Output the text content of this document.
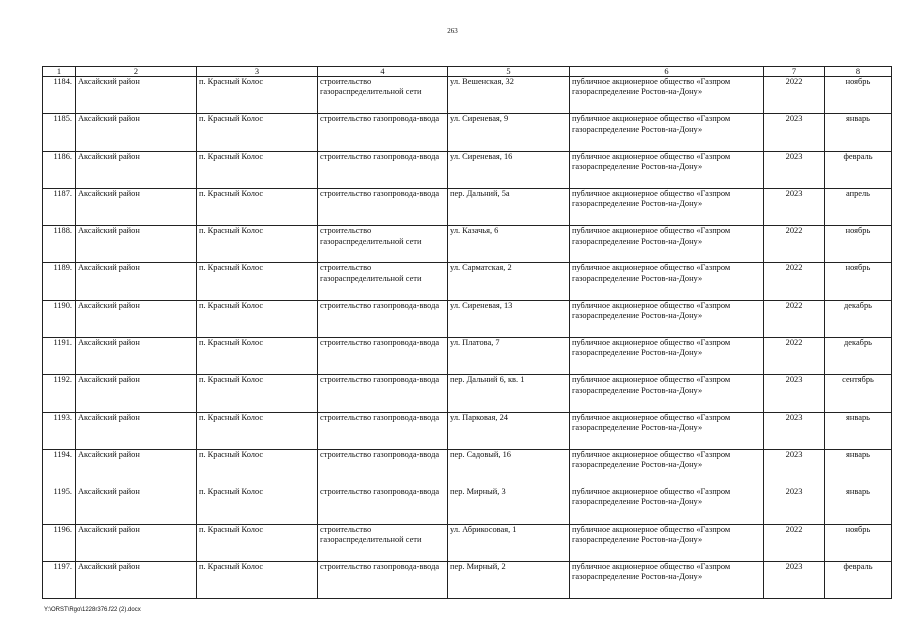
263
1	2	3	4	5	6	7	8
1184.	Аксайский район	п. Красный Колос	строительство газораспределительной сети	ул. Вешенская, 32	публичное акционерное общество «Газпром газораспределение Ростов-на-Дону»	2022	ноябрь
1185.	Аксайский район	п. Красный Колос	строительство газопровода-ввода	ул. Сиреневая, 9	публичное акционерное общество «Газпром газораспределение Ростов-на-Дону»	2023	январь
1186.	Аксайский район	п. Красный Колос	строительство газопровода-ввода	ул. Сиреневая, 16	публичное акционерное общество «Газпром газораспределение Ростов-на-Дону»	2023	февраль
1187.	Аксайский район	п. Красный Колос	строительство газопровода-ввода	пер. Дальний, 5а	публичное акционерное общество «Газпром газораспределение Ростов-на-Дону»	2023	апрель
1188.	Аксайский район	п. Красный Колос	строительство газораспределительной сети	ул. Казачья, 6	публичное акционерное общество «Газпром газораспределение Ростов-на-Дону»	2022	ноябрь
1189.	Аксайский район	п. Красный Колос	строительство газораспределительной сети	ул. Сарматская, 2	публичное акционерное общество «Газпром газораспределение Ростов-на-Дону»	2022	ноябрь
1190.	Аксайский район	п. Красный Колос	строительство газопровода-ввода	ул. Сиреневая, 13	публичное акционерное общество «Газпром газораспределение Ростов-на-Дону»	2022	декабрь
1191.	Аксайский район	п. Красный Колос	строительство газопровода-ввода	ул. Платова, 7	публичное акционерное общество «Газпром газораспределение Ростов-на-Дону»	2022	декабрь
1192.	Аксайский район	п. Красный Колос	строительство газопровода-ввода	пер. Дальний 6, кв. 1	публичное акционерное общество «Газпром газораспределение Ростов-на-Дону»	2023	сентябрь
1193.	Аксайский район	п. Красный Колос	строительство газопровода-ввода	ул. Парковая, 24	публичное акционерное общество «Газпром газораспределение Ростов-на-Дону»	2023	январь
1194.	Аксайский район	п. Красный Колос	строительство газопровода-ввода	пер. Садовый, 16	публичное акционерное общество «Газпром газораспределение Ростов-на-Дону»	2023	январь
1195.	Аксайский район	п. Красный Колос	строительство газопровода-ввода	пер. Мирный, 3	публичное акционерное общество «Газпром газораспределение Ростов-на-Дону»	2023	январь
1196.	Аксайский район	п. Красный Колос	строительство газораспределительной сети	ул. Абрикосовая, 1	публичное акционерное общество «Газпром газораспределение Ростов-на-Дону»	2022	ноябрь
1197.	Аксайский район	п. Красный Колос	строительство газопровода-ввода	пер. Мирный, 2	публичное акционерное общество «Газпром газораспределение Ростов-на-Дону»	2023	февраль
Y:\ORST\Rgo\1228r376.f22 (2).docx
